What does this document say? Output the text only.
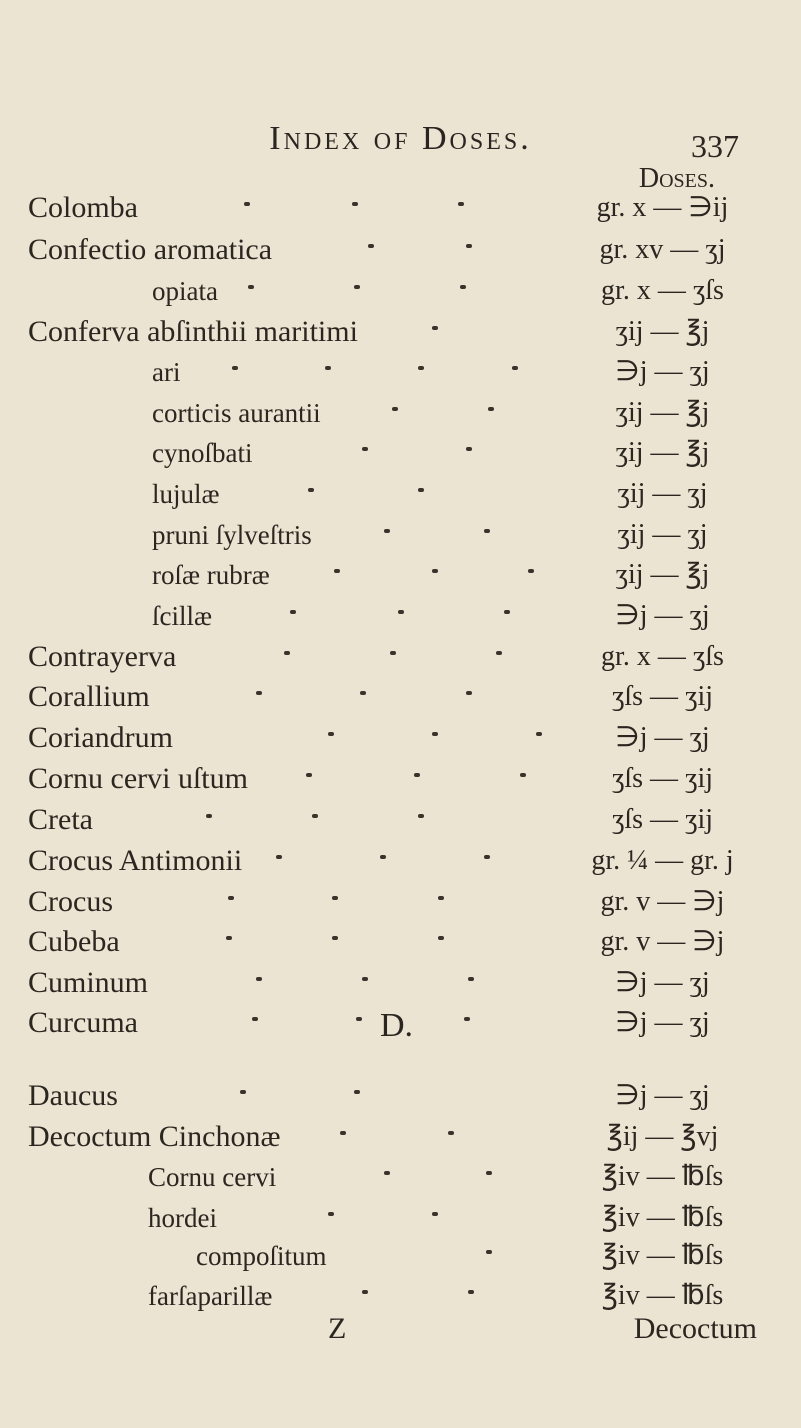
Index of Doses.	337
Doses.
Colomba	gr. x — ∋ij
Confectio aromatica	gr. xv — ʒj
opiata	gr. x — ʒſs
Conferva abſinthii maritimi	ʒij — ℥j
ari	∋j — ʒj
corticis aurantii	ʒij — ℥j
cynoſbati	ʒij — ℥j
lujulæ	ʒij — ʒj
pruni ſylveſtris	ʒij — ʒj
roſæ rubræ	ʒij — ℥j
ſcillæ	∋j — ʒj
Contrayerva	gr. x — ʒſs
Corallium	ʒſs — ʒij
Coriandrum	∋j — ʒj
Cornu cervi uſtum	ʒſs — ʒij
Creta	ʒſs — ʒij
Crocus Antimonii	gr. ¼ — gr. j
Crocus	gr. v — ∋j
Cubeba	gr. v — ∋j
Cuminum	∋j — ʒj
Curcuma	∋j — ʒj
D.
Daucus	∋j — ʒj
Decoctum Cinchonæ	℥ij — ℥vj
Cornu cervi	℥iv — ℔ſs
hordei	℥iv — ℔ſs
compoſitum	℥iv — ℔ſs
farſaparillæ	℥iv — ℔ſs
Z	Decoctum
